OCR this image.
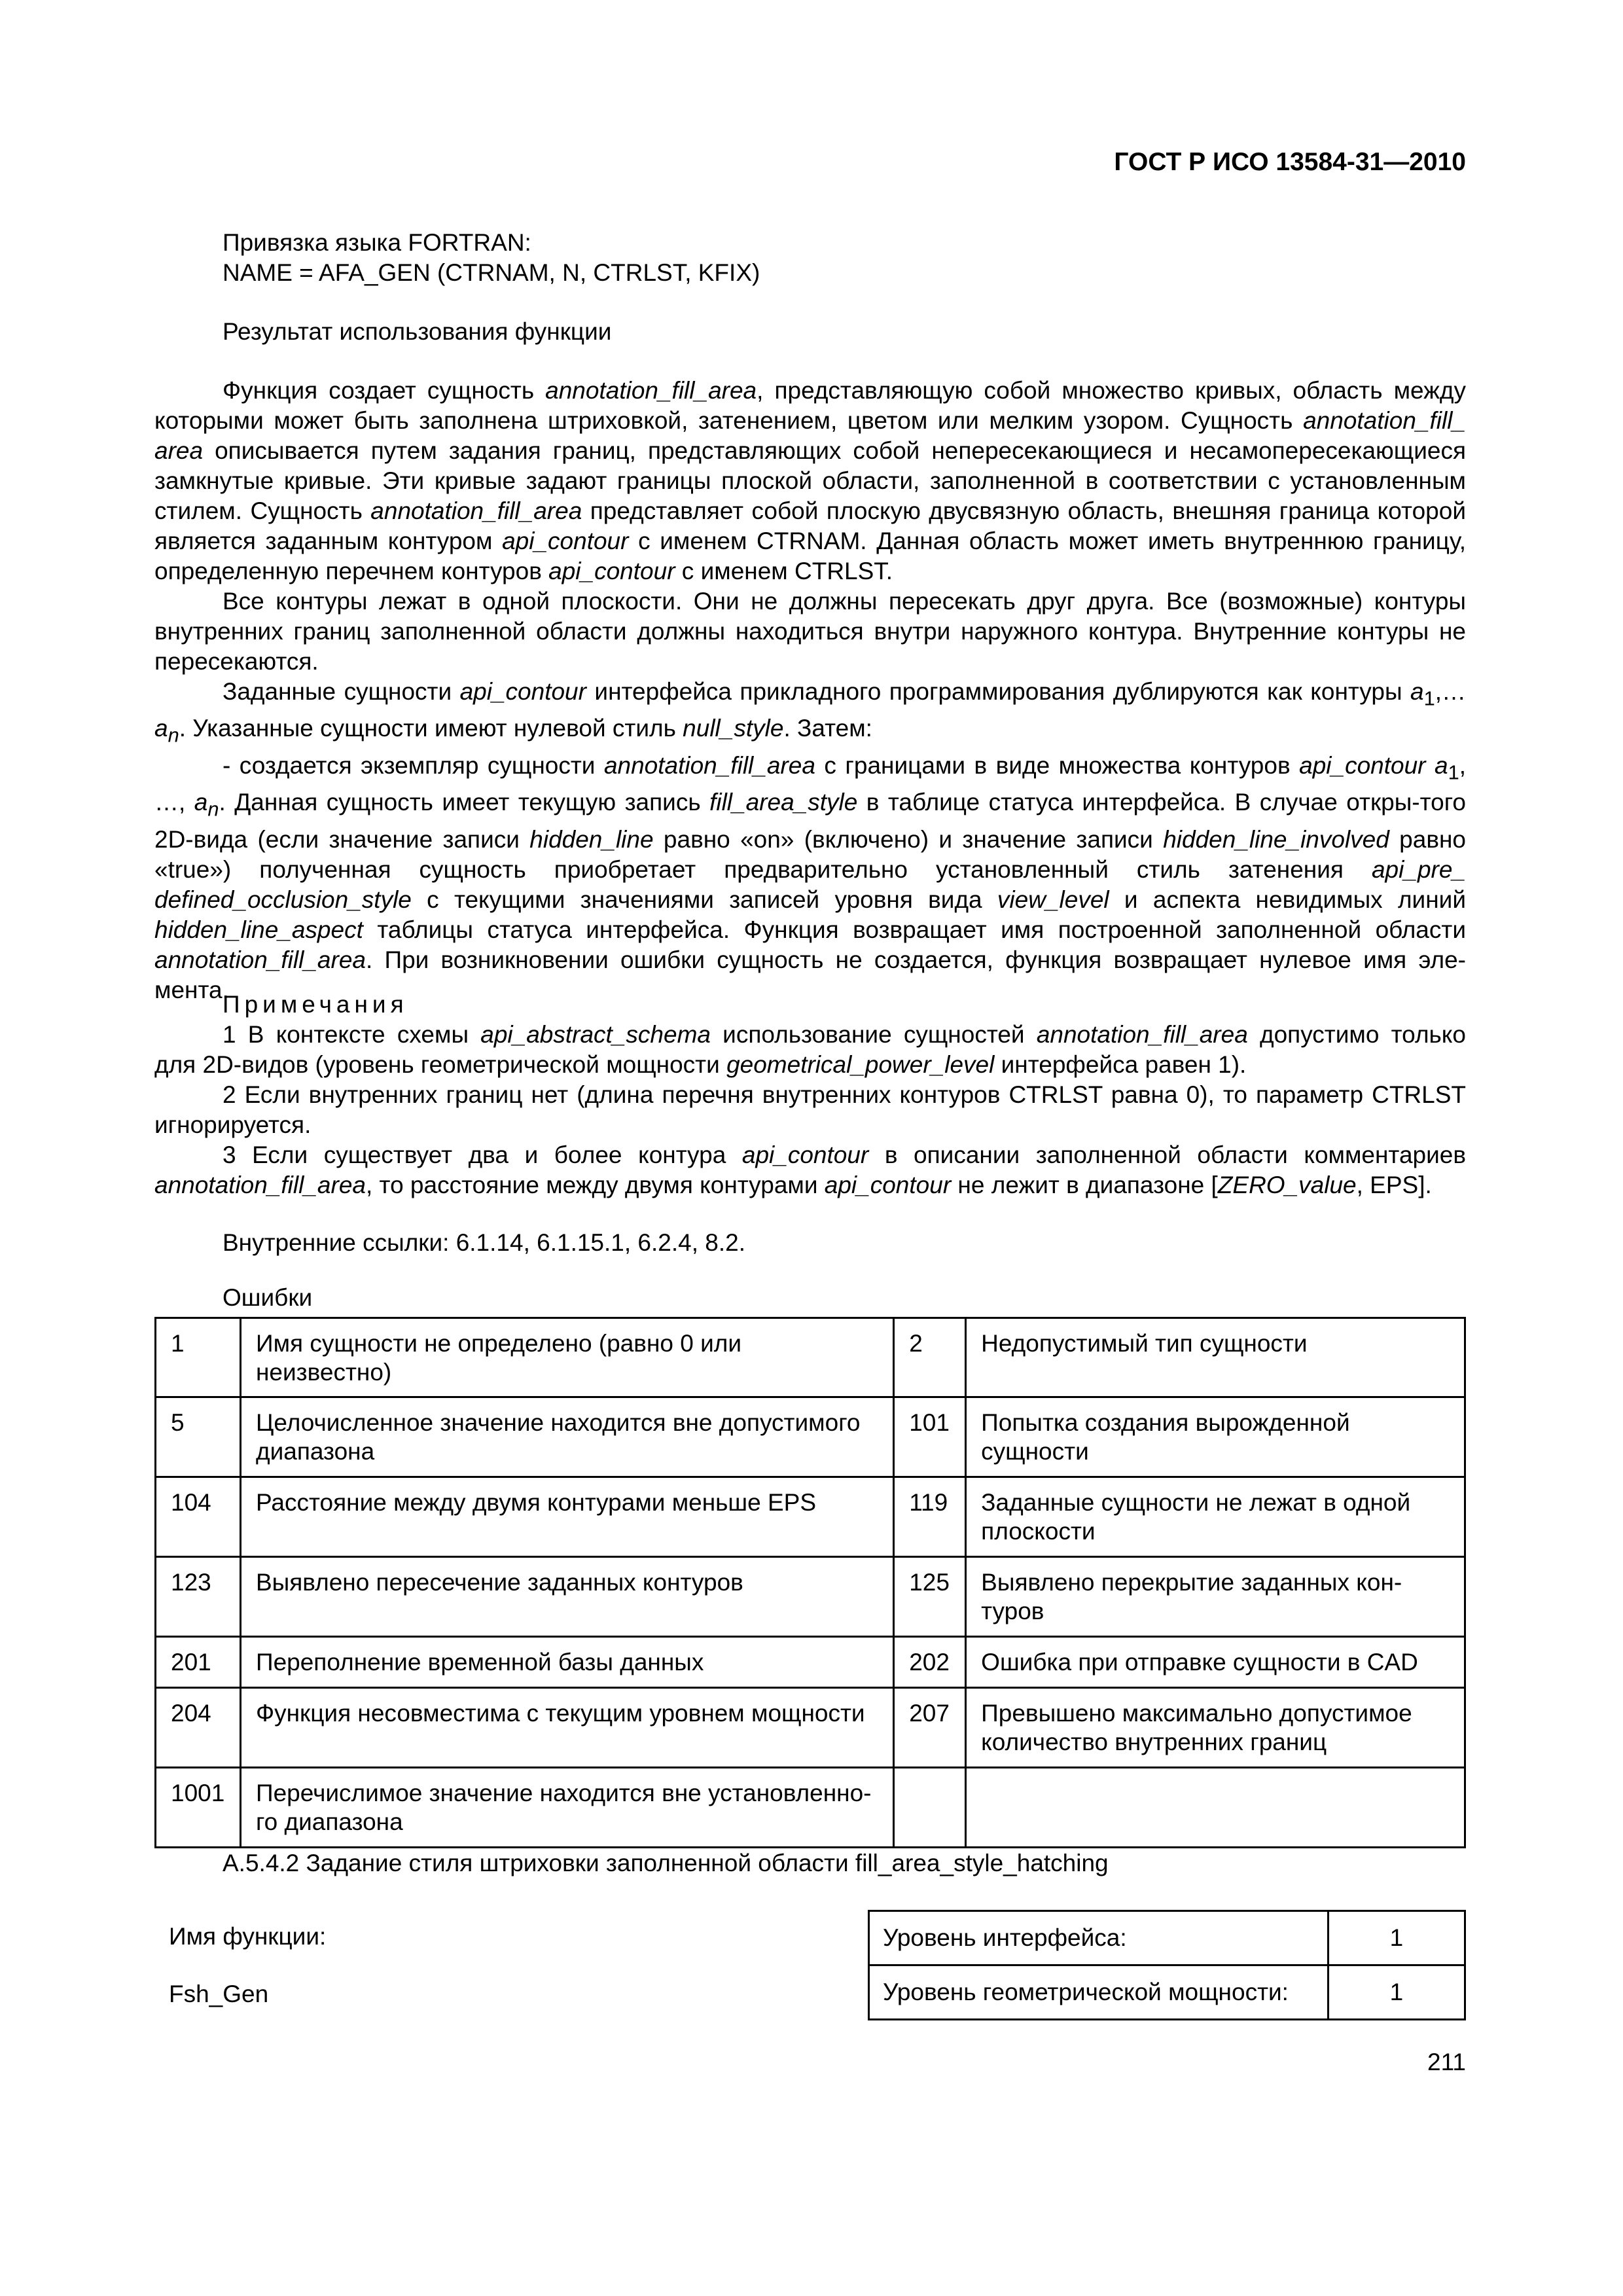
ГОСТ Р ИСО 13584-31—2010
Привязка языка FORTRAN:
NAME = AFA_GEN (CTRNAM, N, CTRLST, KFIX)
Результат использования функции

Функция создает сущность annotation_fill_area, представляющую собой множество кривых, область между которыми может быть заполнена штриховкой, затенением, цветом или мелким узором. Сущность annotation_fill_ area описывается путем задания границ, представляющих собой непересекающиеся и несамопересекающиеся замкнутые кривые. Эти кривые задают границы плоской области, заполненной в соответствии с установленным стилем. Сущность annotation_fill_area представляет собой плоскую двусвязную область, внешняя граница которой является заданным контуром api_contour с именем CTRNAM. Данная область может иметь внутреннюю границу, определенную перечнем контуров api_contour с именем CTRLST.

Все контуры лежат в одной плоскости. Они не должны пересекать друг друга. Все (возможные) контуры внутренних границ заполненной области должны находиться внутри наружного контура. Внутренние контуры не пересекаются.

Заданные сущности api_contour интерфейса прикладного программирования дублируются как контуры $a_1,\dots$ $a_n$. Указанные сущности имеют нулевой стиль null_style. Затем:

- создается экземпляр сущности annotation_fill_area с границами в виде множества контуров api_contour $a_1$, …, $a_n$. Данная сущность имеет текущую запись fill_area_style в таблице статуса интерфейса. В случае откры-того 2D-вида (если значение записи hidden_line равно «on» (включено) и значение записи hidden_line_involved равно «true») полученная сущность приобретает предварительно установленный стиль затенения api_pre_ defined_occlusion_style с текущими значениями записей уровня вида view_level и аспекта невидимых линий hidden_line_aspect таблицы статуса интерфейса. Функция возвращает имя построенной заполненной области annotation_fill_area. При возникновении ошибки сущность не создается, функция возвращает нулевое имя эле-мента.

Примечания

1 В контексте схемы api_abstract_schema использование сущностей annotation_fill_area допустимо только для 2D-видов (уровень геометрической мощности geometrical_power_level интерфейса равен 1).

2 Если внутренних границ нет (длина перечня внутренних контуров CTRLST равна 0), то параметр CTRLST игнорируется.

3 Если существует два и более контура api_contour в описании заполненной области комментариев annotation_fill_area, то расстояние между двумя контурами api_contour не лежит в диапазоне [ZERO_value, EPS].

Внутренние ссылки: 6.1.14, 6.1.15.1, 6.2.4, 8.2.
Ошибки
1	Имя сущности не определено (равно 0 или неизвестно)	2	Недопустимый тип сущности
5	Целочисленное значение находится вне допустимого диапазона	101	Попытка создания вырожденной сущности
104	Расстояние между двумя контурами меньше EPS	119	Заданные сущности не лежат в одной плоскости
123	Выявлено пересечение заданных контуров	125	Выявлено перекрытие заданных кон-туров
201	Переполнение временной базы данных	202	Ошибка при отправке сущности в CAD
204	Функция несовместима с текущим уровнем мощности	207	Превышено максимально допустимое количество внутренних границ
1001	Перечислимое значение находится вне установленно-го диапазона		
A.5.4.2 Задание стиля штриховки заполненной области fill_area_style_hatching
Имя функции:
Fsh_Gen
Уровень интерфейса:	1
Уровень геометрической мощности:	1
211
